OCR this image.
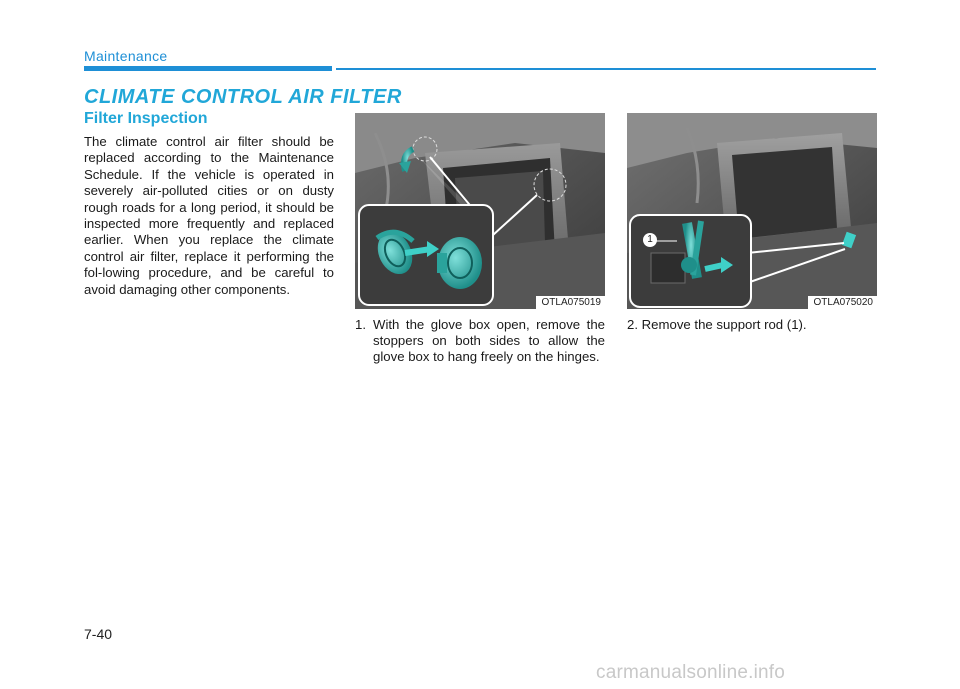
Maintenance
CLIMATE CONTROL AIR FILTER
Filter Inspection
The climate control air filter should be replaced according to the Maintenance Schedule. If the vehicle is operated in severely air-polluted cities or on dusty rough roads for a long period, it should be inspected more frequently and replaced earlier. When you replace the climate control air filter, replace it performing the fol-lowing procedure, and be careful to avoid damaging other components.
OTLA075019
1
OTLA075020
1. With the glove box open, remove the stoppers on both sides to allow the glove box to hang freely on the hinges.
2. Remove the support rod (1).
7-40
carmanualsonline.info
